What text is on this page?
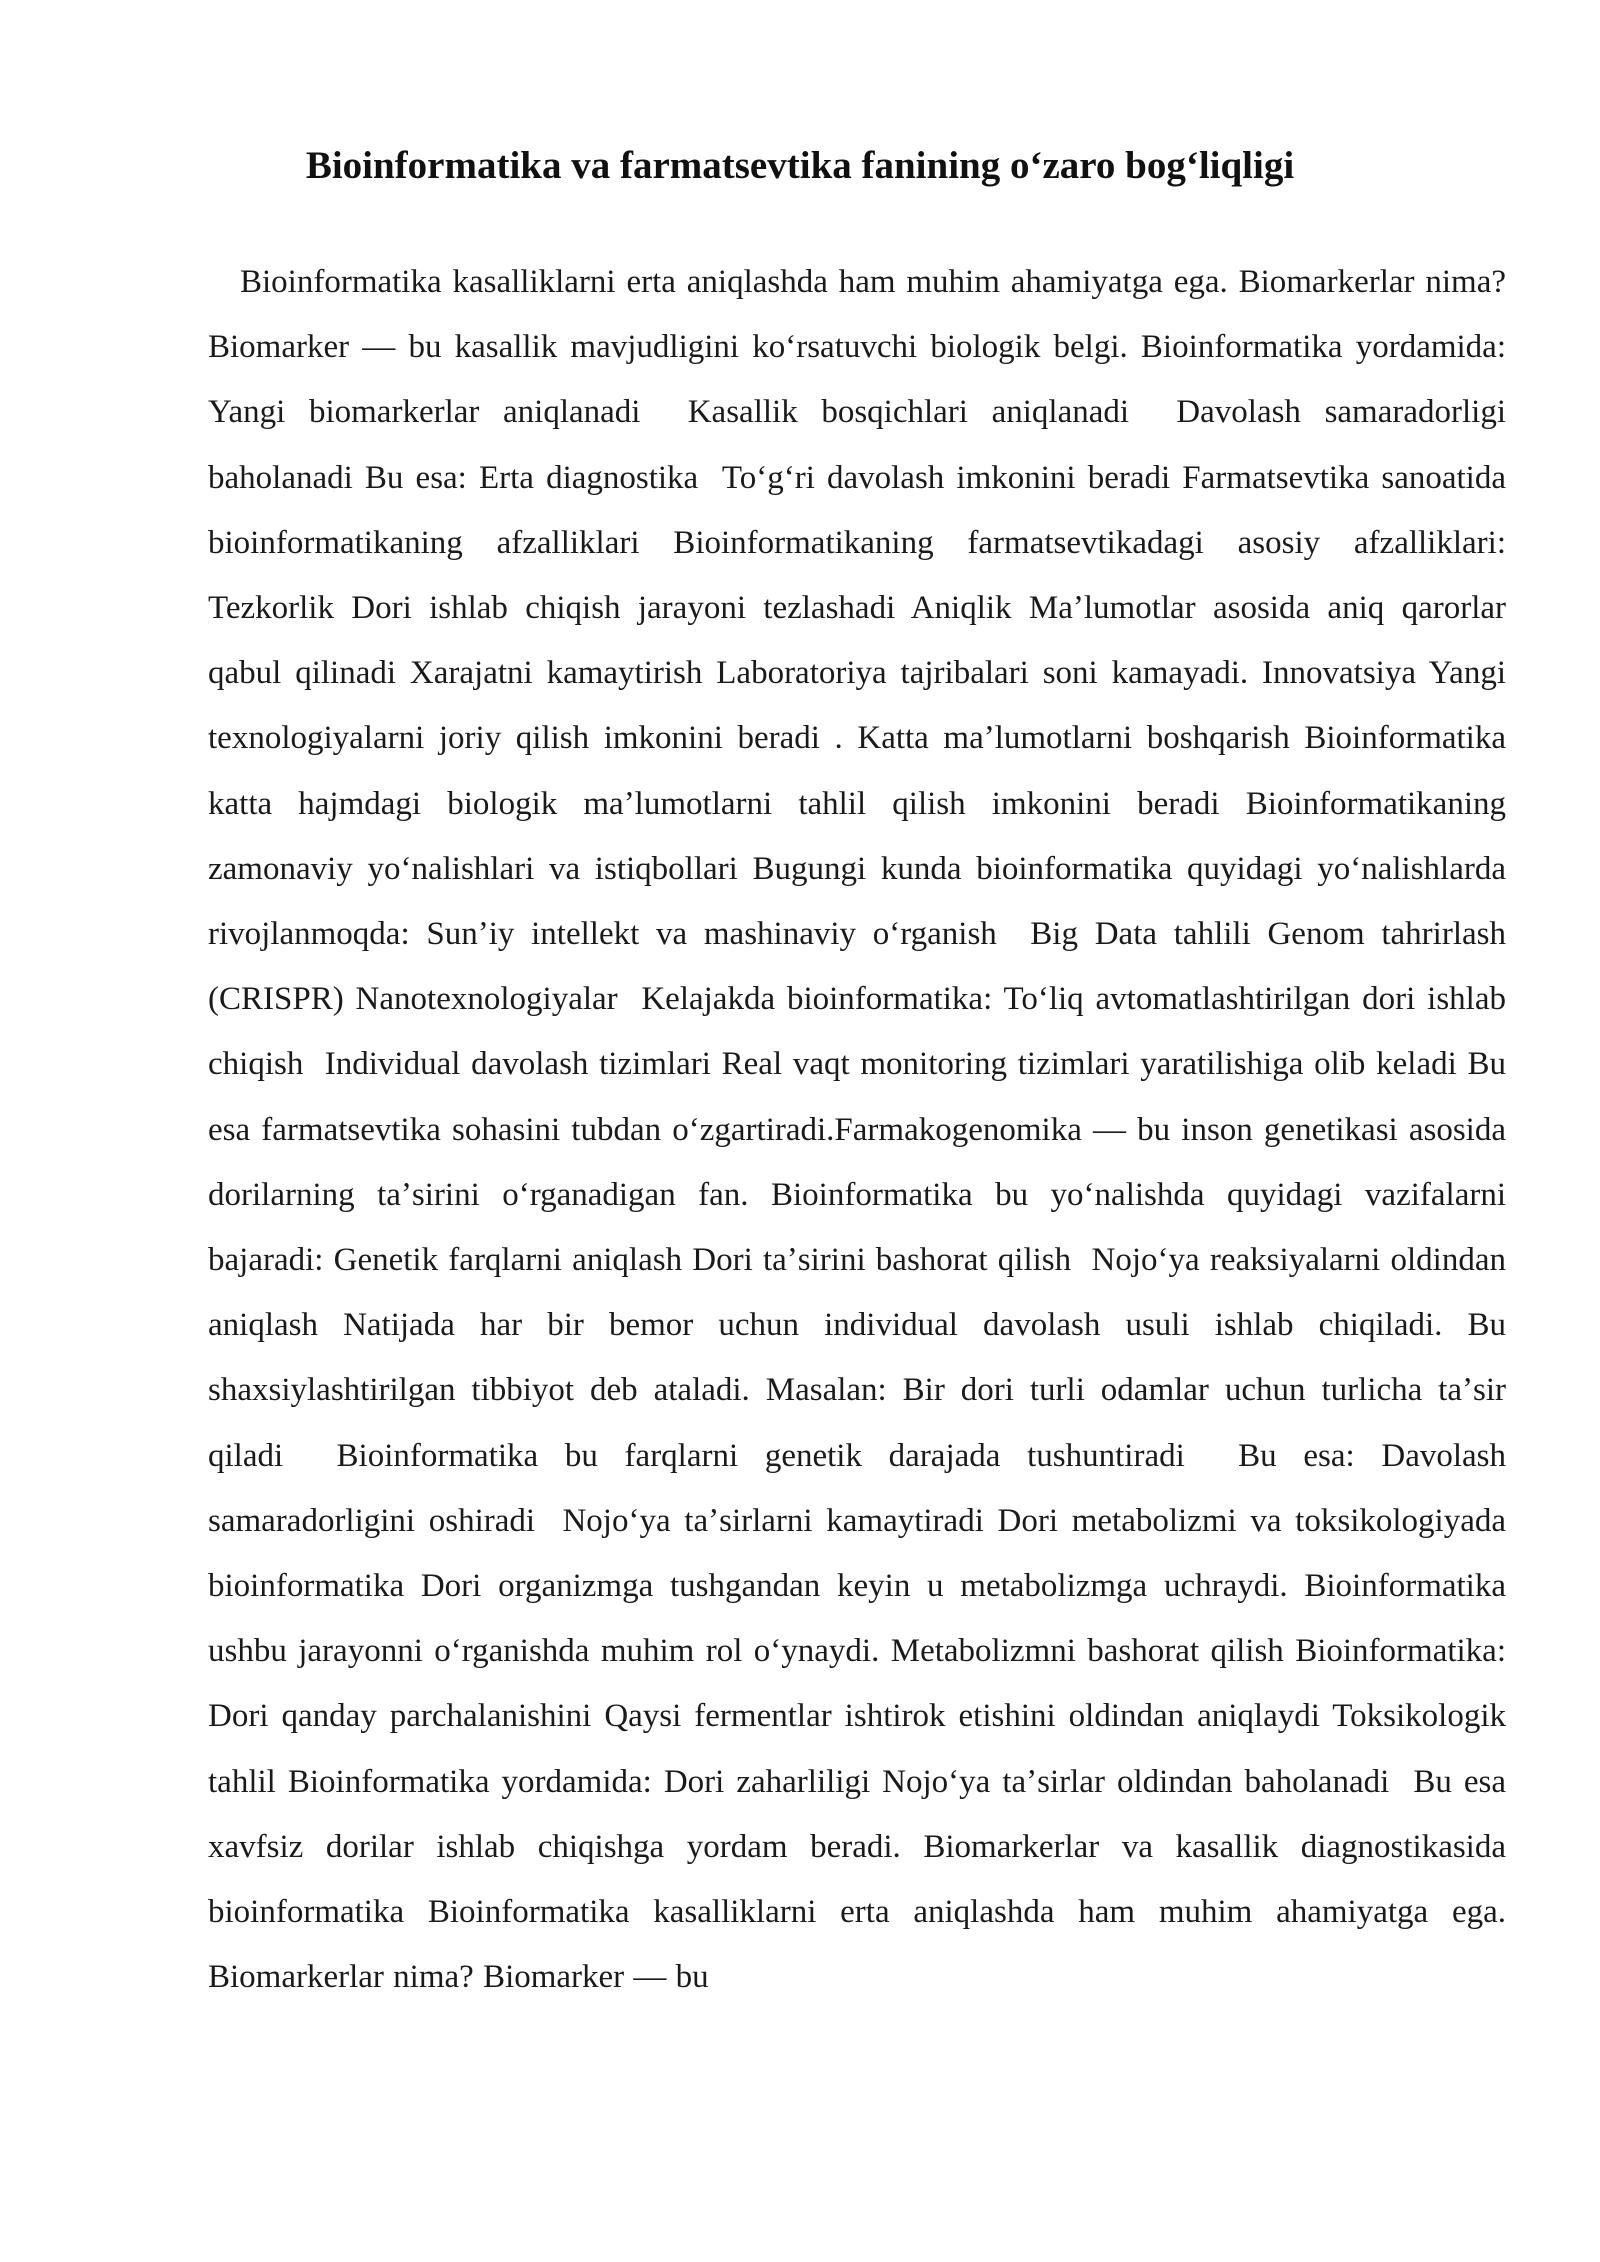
Bioinformatika va farmatsevtika fanining oʻzaro bogʻliqligi

Bioinformatika kasalliklarni erta aniqlashda ham muhim ahamiyatga ega. Biomarkerlar nima? Biomarker — bu kasallik mavjudligini koʻrsatuvchi biologik belgi. Bioinformatika yordamida: Yangi biomarkerlar aniqlanadi  Kasallik bosqichlari aniqlanadi  Davolash samaradorligi baholanadi Bu esa: Erta diagnostika  Toʻgʻri davolash imkonini beradi Farmatsevtika sanoatida bioinformatikaning afzalliklari Bioinformatikaning farmatsevtikadagi asosiy afzalliklari: Tezkorlik Dori ishlab chiqish jarayoni tezlashadi Aniqlik Maʼlumotlar asosida aniq qarorlar qabul qilinadi Xarajatni kamaytirish Laboratoriya tajribalari soni kamayadi. Innovatsiya Yangi texnologiyalarni joriy qilish imkonini beradi . Katta maʼlumotlarni boshqarish Bioinformatika katta hajmdagi biologik maʼlumotlarni tahlil qilish imkonini beradi Bioinformatikaning zamonaviy yoʻnalishlari va istiqbollari Bugungi kunda bioinformatika quyidagi yoʻnalishlarda rivojlanmoqda: Sunʼiy intellekt va mashinaviy oʻrganish  Big Data tahlili Genom tahrirlash (CRISPR) Nanotexnologiyalar  Kelajakda bioinformatika: Toʻliq avtomatlashtirilgan dori ishlab chiqish  Individual davolash tizimlari Real vaqt monitoring tizimlari yaratilishiga olib keladi Bu esa farmatsevtika sohasini tubdan oʻzgartiradi.Farmakogenomika — bu inson genetikasi asosida dorilarning taʼsirini oʻrganadigan fan. Bioinformatika bu yoʻnalishda quyidagi vazifalarni bajaradi: Genetik farqlarni aniqlash Dori taʼsirini bashorat qilish  Nojoʻya reaksiyalarni oldindan aniqlash Natijada har bir bemor uchun individual davolash usuli ishlab chiqiladi. Bu shaxsiylashtirilgan tibbiyot deb ataladi. Masalan: Bir dori turli odamlar uchun turlicha taʼsir qiladi  Bioinformatika bu farqlarni genetik darajada tushuntiradi  Bu esa: Davolash samaradorligini oshiradi  Nojoʻya taʼsirlarni kamaytiradi Dori metabolizmi va toksikologiyada bioinformatika Dori organizmga tushgandan keyin u metabolizmga uchraydi. Bioinformatika ushbu jarayonni oʻrganishda muhim rol oʻynaydi. Metabolizmni bashorat qilish Bioinformatika: Dori qanday parchalanishini Qaysi fermentlar ishtirok etishini oldindan aniqlaydi Toksikologik tahlil Bioinformatika yordamida: Dori zaharliligi Nojoʻya taʼsirlar oldindan baholanadi  Bu esa xavfsiz dorilar ishlab chiqishga yordam beradi. Biomarkerlar va kasallik diagnostikasida bioinformatika Bioinformatika kasalliklarni erta aniqlashda ham muhim ahamiyatga ega. Biomarkerlar nima? Biomarker — bu
